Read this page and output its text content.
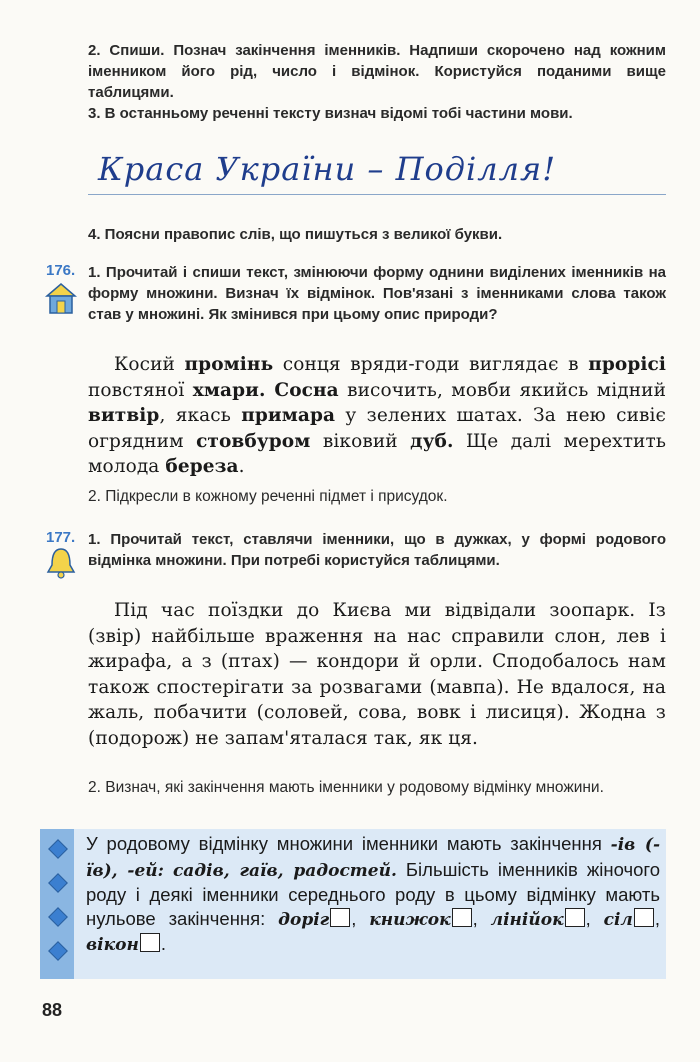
2. Спиши. Познач закінчення іменників. Надпиши скорочено над кожним іменником його рід, число і відмінок. Користуйся поданими вище таблицями.
3. В останньому реченні тексту визнач відомі тобі частини мови.
Краса України – Поділля!
4. Поясни правопис слів, що пишуться з великої букви.
176. 1. Прочитай і спиши текст, змінюючи форму однини виділених іменників на форму множини. Визнач їх відмінок. Пов'язані з іменниками слова також став у множині. Як змінився при цьому опис природи?
Косий промінь сонця вряди-годи виглядає в прорісі повстяної хмари. Сосна височить, мовби якийсь мідний витвір, якась примара у зелених шатах. За нею сивіє огрядним стовбуром віковий дуб. Ще далі мерехтить молода береза.
2. Підкресли в кожному реченні підмет і присудок.
177. 1. Прочитай текст, ставлячи іменники, що в дужках, у формі родового відмінка множини. При потребі користуйся таблицями.
Під час поїздки до Києва ми відвідали зоопарк. Із (звір) найбільше враження на нас справили слон, лев і жирафа, а з (птах) — кондори й орли. Сподобалось нам також спостерігати за розвагами (мавпа). Не вдалося, на жаль, побачити (соловей, сова, вовк і лисиця). Жодна з (подорож) не запам'яталася так, як ця.
2. Визнач, які закінчення мають іменники у родовому відмінку множини.
У родовому відмінку множини іменники мають закінчення -ів (-їв), -ей: садів, гаїв, радостей. Більшість іменників жіночого роду і деякі іменники середнього роду в цьому відмінку мають нульове закінчення: доріг , книжок , лінійок , сіл , вікон .
88
